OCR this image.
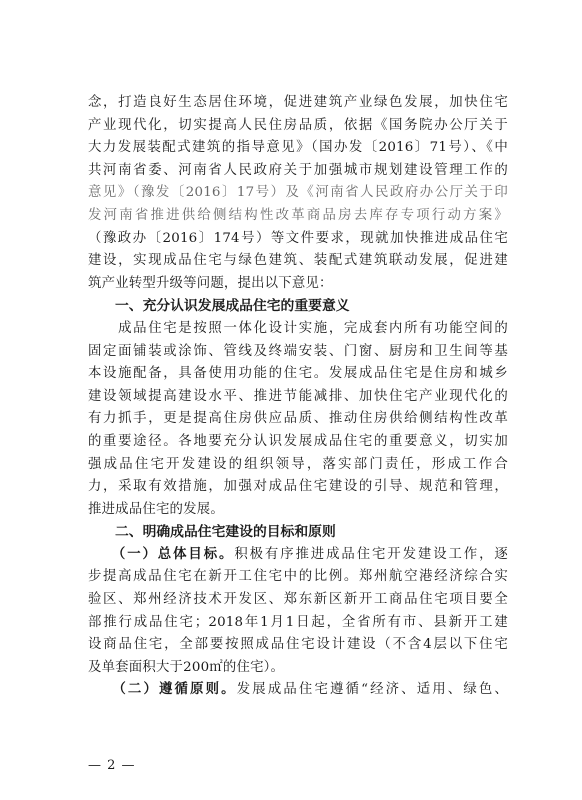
念，打造良好生态居住环境，促进建筑产业绿色发展，加快住宅
产业现代化，切实提高人民住房品质，依据《国务院办公厅关于
大力发展装配式建筑的指导意见》（国办发〔2016〕71号）、《中
共河南省委、河南省人民政府关于加强城市规划建设管理工作的
意见》（豫发〔2016〕17号）及《河南省人民政府办公厅关于印
发河南省推进供给侧结构性改革商品房去库存专项行动方案》
（豫政办〔2016〕174号）等文件要求，现就加快推进成品住宅
建设，实现成品住宅与绿色建筑、装配式建筑联动发展，促进建
筑产业转型升级等问题，提出以下意见：
一、充分认识发展成品住宅的重要意义
　　成品住宅是按照一体化设计实施，完成套内所有功能空间的
固定面铺装或涂饰、管线及终端安装、门窗、厨房和卫生间等基
本设施配备，具备使用功能的住宅。发展成品住宅是住房和城乡
建设领域提高建设水平、推进节能减排、加快住宅产业现代化的
有力抓手，更是提高住房供应品质、推动住房供给侧结构性改革
的重要途径。各地要充分认识发展成品住宅的重要意义，切实加
强成品住宅开发建设的组织领导，落实部门责任，形成工作合
力，采取有效措施，加强对成品住宅建设的引导、规范和管理，
推进成品住宅的发展。
二、明确成品住宅建设的目标和原则
　　（一）总体目标。积极有序推进成品住宅开发建设工作，逐
步提高成品住宅在新开工住宅中的比例。郑州航空港经济综合实
验区、郑州经济技术开发区、郑东新区新开工商品住宅项目要全
部推行成品住宅；2018年1月1日起，全省所有市、县新开工建
设商品住宅，全部要按照成品住宅设计建设（不含4层以下住宅
及单套面积大于200㎡的住宅）。
　　（二）遵循原则。发展成品住宅遵循“经济、适用、绿色、
— 2 —
